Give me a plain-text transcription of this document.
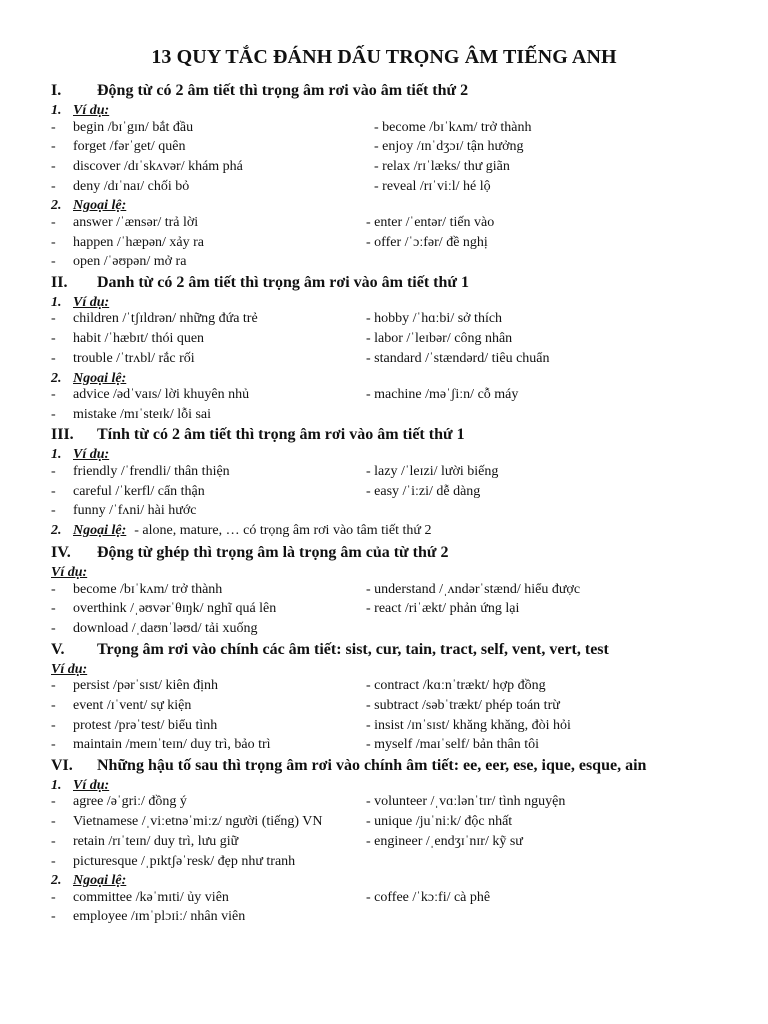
13 QUY TẮC ĐÁNH DẤU TRỌNG ÂM TIẾNG ANH
I. Động từ có 2 âm tiết thì trọng âm rơi vào âm tiết thứ 2
1. Ví dụ:
- begin /bɪˈgɪn/ bắt đầu	- become /bɪˈkʌm/ trở thành
- forget /fərˈget/ quên	- enjoy /ɪnˈdʒɔɪ/ tận hưởng
- discover /dɪˈskʌvər/ khám phá	- relax /rɪˈlæks/ thư giãn
- deny /dɪˈnaɪ/ chối bỏ	- reveal /rɪˈviːl/ hé lộ
2. Ngoại lệ:
- answer /ˈænsər/ trả lời	- enter /ˈentər/ tiến vào
- happen /ˈhæpən/ xảy ra	- offer /ˈɔːfər/ đề nghị
- open /ˈəʊpən/ mở ra
II. Danh từ có 2 âm tiết thì trọng âm rơi vào âm tiết thứ 1
1. Ví dụ:
- children /ˈtʃɪldrən/ những đứa trẻ	- hobby /ˈhɑːbi/ sở thích
- habit /ˈhæbɪt/ thói quen	- labor /ˈleɪbər/ công nhân
- trouble /ˈtrʌbl/ rắc rối	- standard /ˈstændərd/ tiêu chuẩn
2. Ngoại lệ:
- advice /ədˈvaɪs/ lời khuyên nhủ	- machine /məˈʃiːn/ cỗ máy
- mistake /mɪˈsteɪk/ lỗi sai
III. Tính từ có 2 âm tiết thì trọng âm rơi vào âm tiết thứ 1
1. Ví dụ:
- friendly /ˈfrendli/ thân thiện	- lazy /ˈleɪzi/ lười biếng
- careful /ˈkerfl/ cẩn thận	- easy /ˈiːzi/ dễ dàng
- funny /ˈfʌni/ hài hước
2. Ngoại lệ: - alone, mature, … có trọng âm rơi vào tâm tiết thứ 2
IV. Động từ ghép thì trọng âm là trọng âm của từ thứ 2
Ví dụ:
- become /bɪˈkʌm/ trở thành	- understand /ˌʌndərˈstænd/ hiểu được
- overthink /ˌəʊvərˈθɪŋk/ nghĩ quá lên	- react /riˈækt/ phản ứng lại
- download /ˌdaʊnˈləʊd/ tải xuống
V. Trọng âm rơi vào chính các âm tiết: sist, cur, tain, tract, self, vent, vert, test
Ví dụ:
- persist /pərˈsɪst/ kiên định	- contract /kɑːnˈtrækt/ hợp đồng
- event /ɪˈvent/ sự kiện	- subtract /səbˈtrækt/ phép toán trừ
- protest /prəˈtest/ biểu tình	- insist /ɪnˈsɪst/ khăng khăng, đòi hỏi
- maintain /meɪnˈteɪn/ duy trì, bảo trì	- myself /maɪˈself/ bản thân tôi
VI. Những hậu tố sau thì trọng âm rơi vào chính âm tiết: ee, eer, ese, ique, esque, ain
1. Ví dụ:
- agree /əˈgriː/ đồng ý	- volunteer /ˌvɑːlənˈtɪr/ tình nguyện
- Vietnamese /ˌviːetnəˈmiːz/ người (tiếng) VN	- unique /juˈniːk/ độc nhất
- retain /rɪˈteɪn/ duy trì, lưu giữ	- engineer /ˌendʒɪˈnɪr/ kỹ sư
- picturesque /ˌpɪktʃəˈresk/ đẹp như tranh
2. Ngoại lệ:
- committee /kəˈmɪti/ ủy viên	- coffee /ˈkɔːfi/ cà phê
- employee /ɪmˈplɔɪiː/ nhân viên
